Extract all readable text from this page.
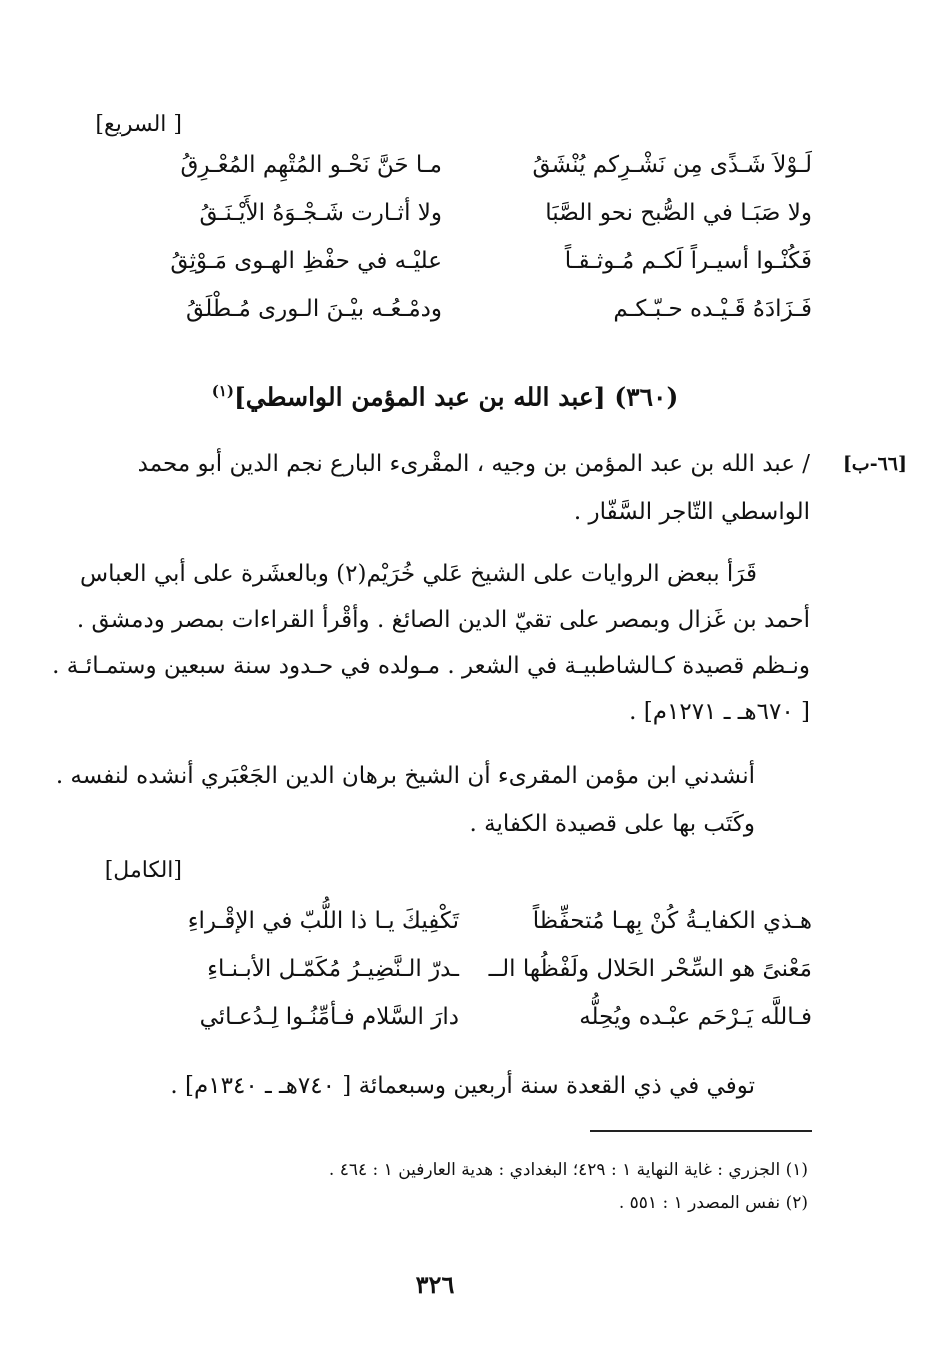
[ السريع]
لَـوْلاَ شَـذًى مِن نَشْـرِكم يُنْشَقُ
مـا حَنَّ نَحْـو المُتْهِم المُعْـرِقُ
ولا صَبَـا في الصُّبح نحو الصَّبَا
ولا أثـارت شَـجْـوَهُ الأَيْـنَـقُ
فَكُنْـوا أسيـراً لَكـم مُـوثـقـاً
عليْـه في حفْظِ الهـوى مَـوْثِقُ
فَـزَادَهُ قَـيْـده حـبّـكـم
ودمْـعُـه بيْـنَ الـورى مُـطْلَقُ
(٣٦٠) [عبد الله بن عبد المؤمن الواسطي]$^{(١)}$
[٦٦-ب]
/ عبد الله بن عبد المؤمن بن وجيه ، المقْرىء البارع نجم الدين أبو محمد
الواسطي التّاجر السَّفّار .
قَرَأ ببعض الروايات على الشيخ عَلي خُرَيْم(٢) وبالعشَرة على أبي العباس
أحمد بن غَزال وبمصر على تقيّ الدين الصائغ . وأقْرأ القراءات بمصر ودمشق .
ونـظم قصيدة كـالشاطبيـة في الشعر . مـولده في حـدود سنة سبعين وستمـائـة .
[ ٦٧٠هـ ـ ١٢٧١م] .
أنشدني ابن مؤمن المقرىء أن الشيخ برهان الدين الجَعْبَري أنشده لنفسه .
وكَتَب بها على قصيدة الكفاية .
[الكامل]
هـذي الكفايـةُ كُنْ بِهـا مُتحفِّظاً
تَكْفِيكَ يـا ذا اللُّبّ في الإقْـراءِ
مَعْنىً هو السِّحْر الحَلال ولَفْظُها الــ
ـدرّ الـنَّضِيـرُ مُكَمّـل الأبـنـاءِ
فـاللَّه يَـرْحَم عبْـده ويُحِلُّه
دارَ السَّلام فـأمِّنُـوا لِـدُعـائي
توفي في ذي القعدة سنة أربعين وسبعمائة [ ٧٤٠هـ ـ ١٣٤٠م] .
(١) الجزري : غاية النهاية ١ : ٤٢٩؛ البغدادي : هدية العارفين ١ : ٤٦٤ .
(٢) نفس المصدر ١ : ٥٥١ .
٣٢٦
